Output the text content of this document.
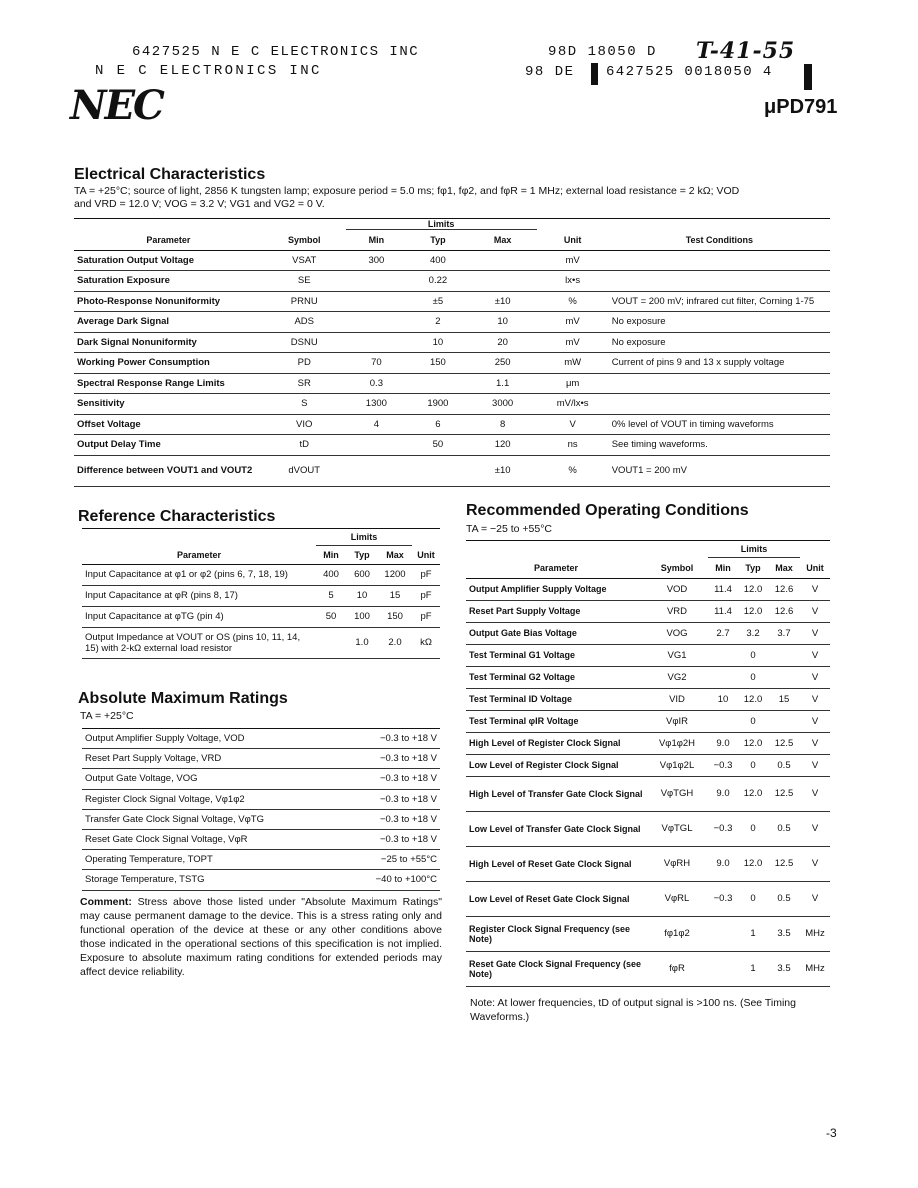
6427525 N E C ELECTRONICS INC	98D 18050 D T-41-55
N E C ELECTRONICS INC	98 DE 6427525 0018050 4
NEC	μPD791
Electrical Characteristics
TA = +25°C; source of light, 2856 K tungsten lamp; exposure period = 5.0 ms; fφ1, fφ2, and fφR = 1 MHz; external load resistance = 2 kΩ; VOD
and VRD = 12.0 V; VOG = 3.2 V; VG1 and VG2 = 0 V.
		Limits				
Parameter	Symbol	Min	Typ	Max	Unit	Test Conditions
Saturation Output Voltage	VSAT	300	400		mV	
Saturation Exposure	SE		0.22		lx•s	
Photo-Response Nonuniformity	PRNU		±5	±10	%	VOUT = 200 mV; infrared cut filter, Corning 1-75
Average Dark Signal	ADS		2	10	mV	No exposure
Dark Signal Nonuniformity	DSNU		10	20	mV	No exposure
Working Power Consumption	PD	70	150	250	mW	Current of pins 9 and 13 x supply voltage
Spectral Response Range Limits	SR	0.3		1.1	μm	
Sensitivity	S	1300	1900	3000	mV/lx•s	
Offset Voltage	VIO	4	6	8	V	0% level of VOUT in timing waveforms
Output Delay Time	tD		50	120	ns	See timing waveforms.
Difference between VOUT1 and VOUT2	dVOUT			±10	%	VOUT1 = 200 mV
Reference Characteristics
	Limits			
Parameter	Min	Typ	Max	Unit
Input Capacitance at φ1 or φ2 (pins 6, 7, 18, 19)	400	600	1200	pF
Input Capacitance at φR (pins 8, 17)	5	10	15	pF
Input Capacitance at φTG (pin 4)	50	100	150	pF
Output Impedance at VOUT or OS (pins 10, 11, 14, 15) with 2-kΩ external load resistor		1.0	2.0	kΩ
Absolute Maximum Ratings
TA = +25°C
Output Amplifier Supply Voltage, VOD	−0.3 to +18 V
Reset Part Supply Voltage, VRD	−0.3 to +18 V
Output Gate Voltage, VOG	−0.3 to +18 V
Register Clock Signal Voltage, Vφ1φ2	−0.3 to +18 V
Transfer Gate Clock Signal Voltage, VφTG	−0.3 to +18 V
Reset Gate Clock Signal Voltage, VφR	−0.3 to +18 V
Operating Temperature, TOPT	−25 to +55°C
Storage Temperature, TSTG	−40 to +100°C
Comment: Stress above those listed under "Absolute Maximum Ratings" may cause permanent damage to the device. This is a stress rating only and functional operation of the device at these or any other conditions above those indicated in the operational sections of this specification is not implied. Exposure to absolute maximum rating conditions for extended periods may affect device reliability.
Recommended Operating Conditions
TA = −25 to +55°C
		Limits			
Parameter	Symbol	Min	Typ	Max	Unit
Output Amplifier Supply Voltage	VOD	11.4	12.0	12.6	V
Reset Part Supply Voltage	VRD	11.4	12.0	12.6	V
Output Gate Bias Voltage	VOG	2.7	3.2	3.7	V
Test Terminal G1 Voltage	VG1		0		V
Test Terminal G2 Voltage	VG2		0		V
Test Terminal ID Voltage	VID	10	12.0	15	V
Test Terminal φIR Voltage	VφIR		0		V
High Level of Register Clock Signal	Vφ1φ2H	9.0	12.0	12.5	V
Low Level of Register Clock Signal	Vφ1φ2L	−0.3	0	0.5	V
High Level of Transfer Gate Clock Signal	VφTGH	9.0	12.0	12.5	V
Low Level of Transfer Gate Clock Signal	VφTGL	−0.3	0	0.5	V
High Level of Reset Gate Clock Signal	VφRH	9.0	12.0	12.5	V
Low Level of Reset Gate Clock Signal	VφRL	−0.3	0	0.5	V
Register Clock Signal Frequency (see Note)	fφ1φ2		1	3.5	MHz
Reset Gate Clock Signal Frequency (see Note)	fφR		1	3.5	MHz
Note: At lower frequencies, tD of output signal is >100 ns. (See Timing Waveforms.)
-3
